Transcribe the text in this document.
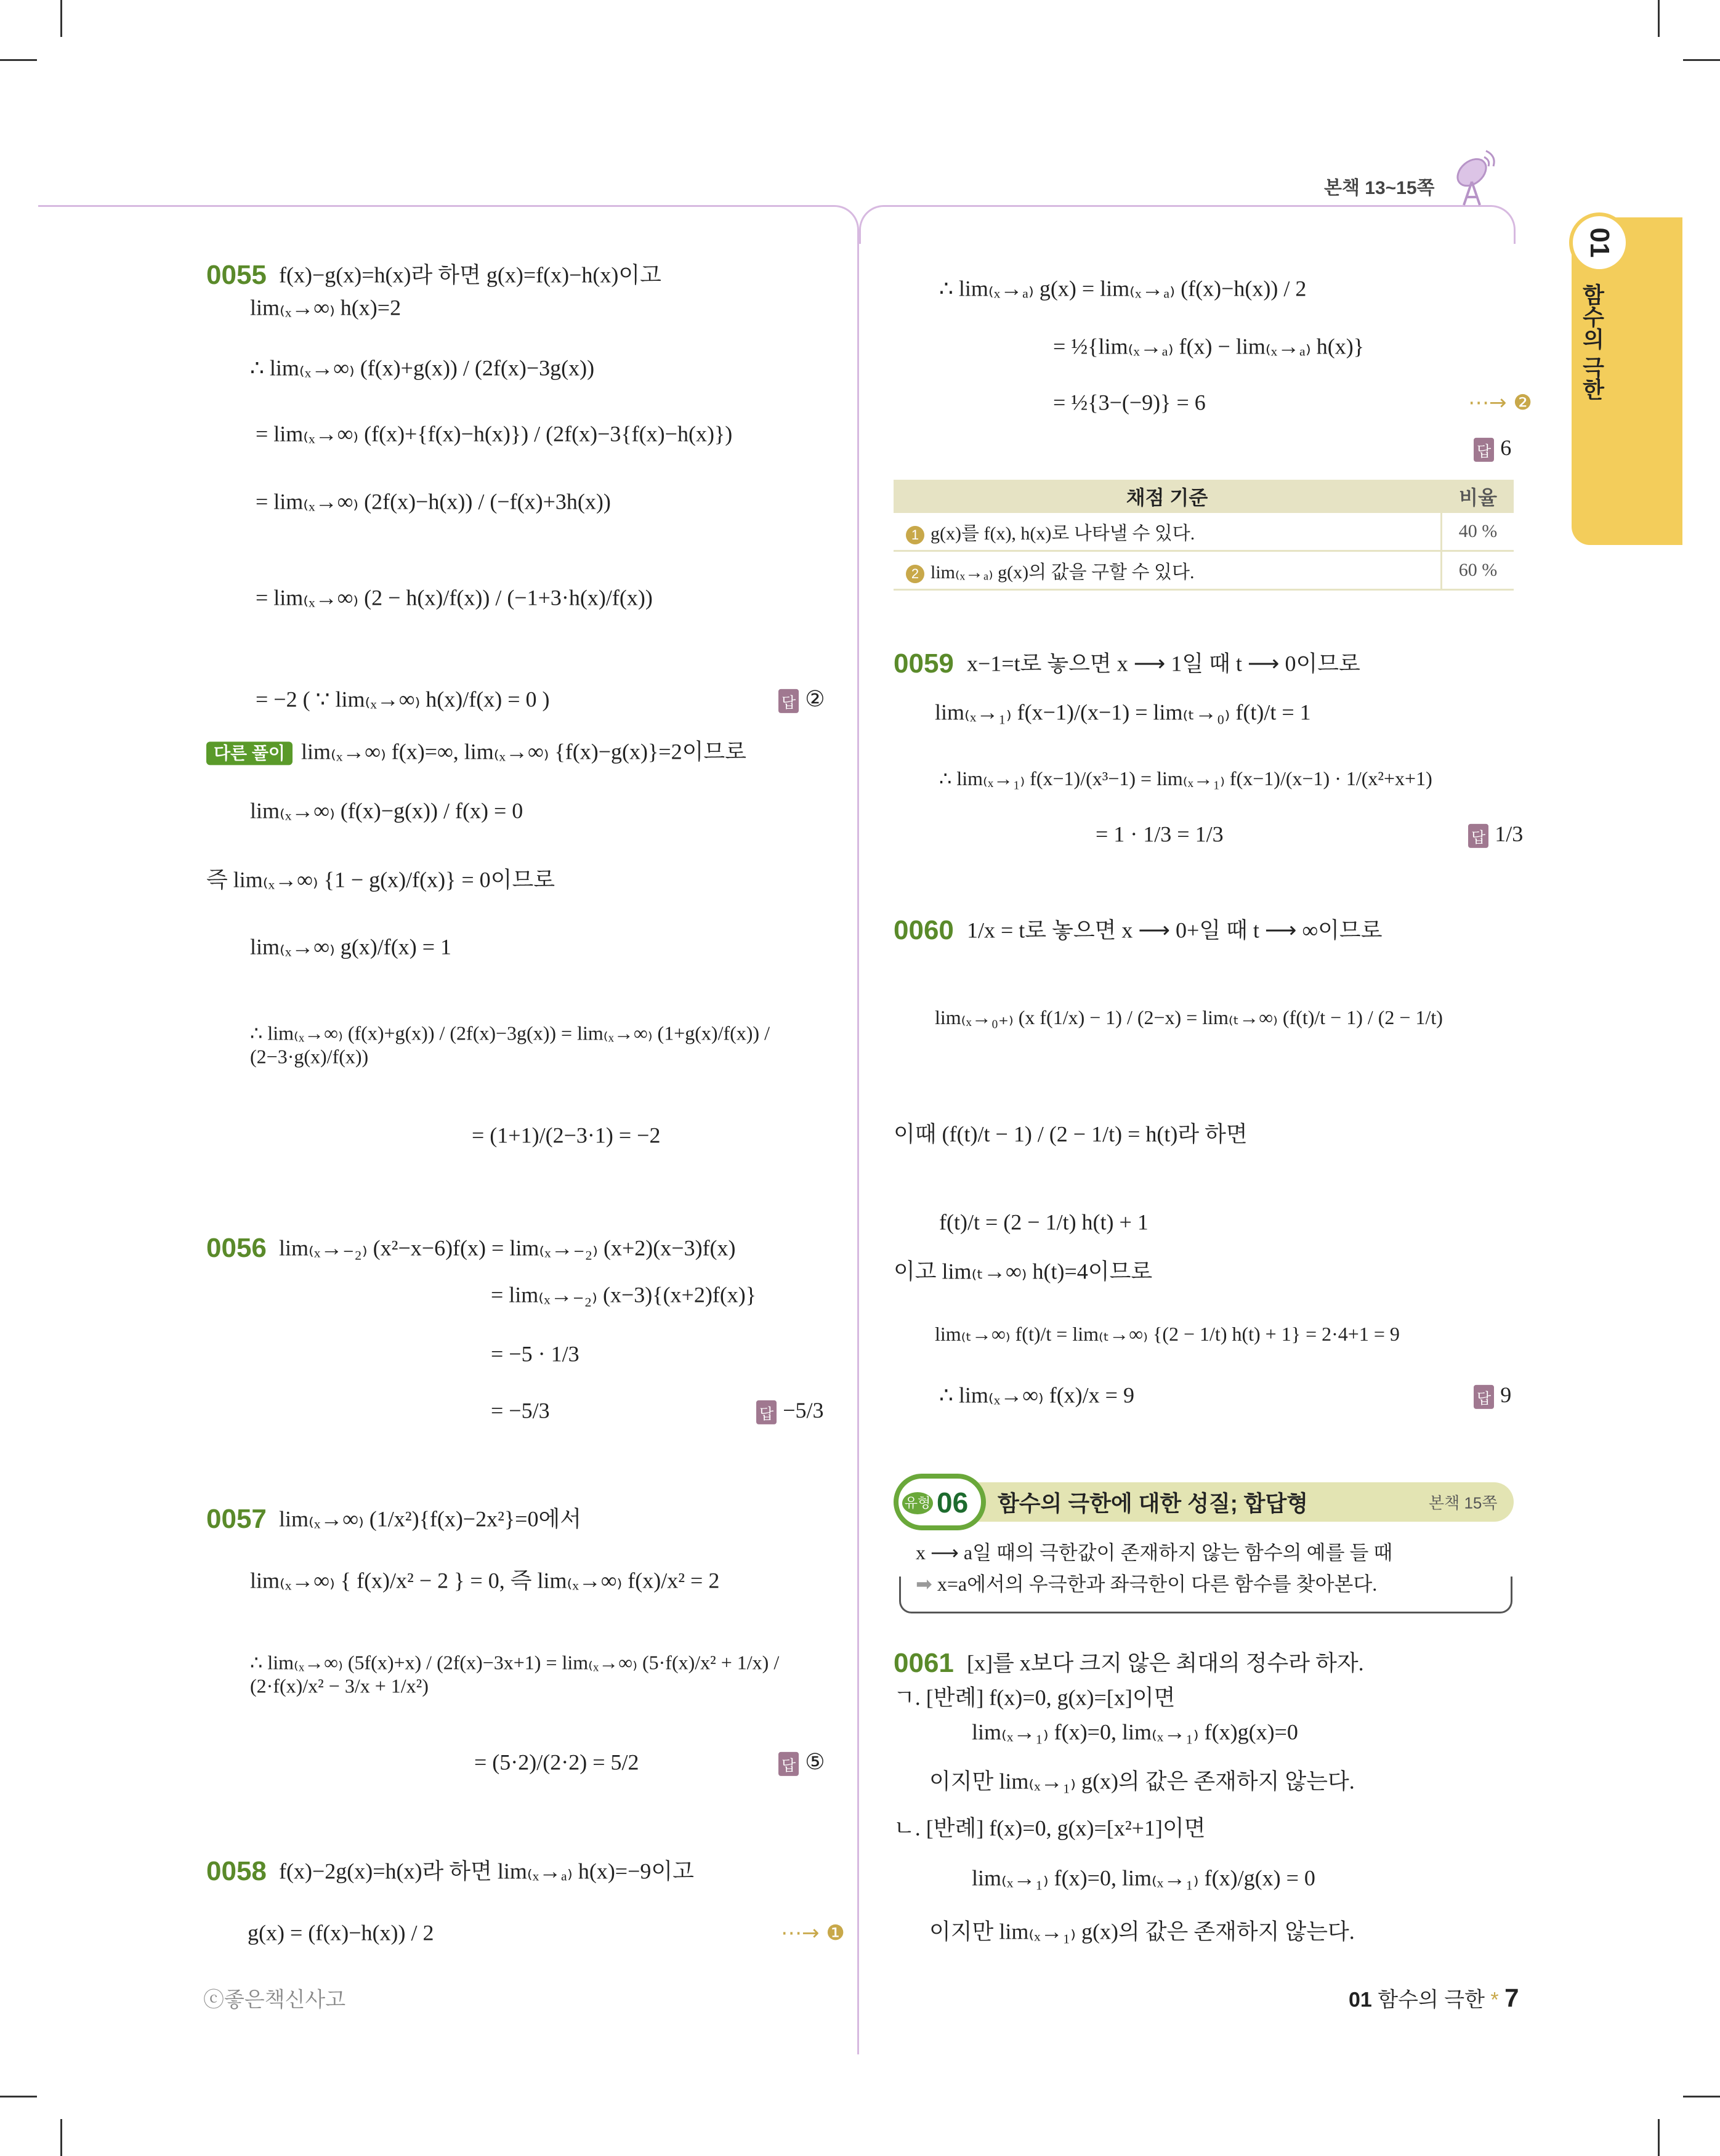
본책 13~15쪽
01
함수의 극한
0055 f(x)−g(x)=h(x)라 하면 g(x)=f(x)−h(x)이고
lim₍ₓ→∞₎ h(x)=2
∴ lim₍ₓ→∞₎ (f(x)+g(x)) / (2f(x)−3g(x))
= lim₍ₓ→∞₎ (f(x)+{f(x)−h(x)}) / (2f(x)−3{f(x)−h(x)})
= lim₍ₓ→∞₎ (2f(x)−h(x)) / (−f(x)+3h(x))
= lim₍ₓ→∞₎ (2 − h(x)/f(x)) / (−1+3·h(x)/f(x))
= −2 ( ∵ lim₍ₓ→∞₎ h(x)/f(x) = 0 )	답 ②
다른 풀이 lim₍ₓ→∞₎ f(x)=∞, lim₍ₓ→∞₎ {f(x)−g(x)}=2이므로
lim₍ₓ→∞₎ (f(x)−g(x)) / f(x) = 0
즉 lim₍ₓ→∞₎ {1 − g(x)/f(x)} = 0이므로
lim₍ₓ→∞₎ g(x)/f(x) = 1
∴ lim₍ₓ→∞₎ (f(x)+g(x)) / (2f(x)−3g(x)) = lim₍ₓ→∞₎ (1+g(x)/f(x)) / (2−3·g(x)/f(x))
= (1+1)/(2−3·1) = −2
0056 lim₍ₓ→₋₂₎ (x²−x−6)f(x) = lim₍ₓ→₋₂₎ (x+2)(x−3)f(x)
= lim₍ₓ→₋₂₎ (x−3){(x+2)f(x)}
= −5 · 1/3
= −5/3	답 −5/3
0057 lim₍ₓ→∞₎ (1/x²){f(x)−2x²}=0에서
lim₍ₓ→∞₎ { f(x)/x² − 2 } = 0, 즉 lim₍ₓ→∞₎ f(x)/x² = 2
∴ lim₍ₓ→∞₎ (5f(x)+x) / (2f(x)−3x+1) = lim₍ₓ→∞₎ (5·f(x)/x² + 1/x) / (2·f(x)/x² − 3/x + 1/x²)
= (5·2)/(2·2) = 5/2	답 ⑤
0058 f(x)−2g(x)=h(x)라 하면 lim₍ₓ→ₐ₎ h(x)=−9이고
g(x) = (f(x)−h(x)) / 2	⋯→ ❶
∴ lim₍ₓ→ₐ₎ g(x) = lim₍ₓ→ₐ₎ (f(x)−h(x)) / 2
= ½{lim₍ₓ→ₐ₎ f(x) − lim₍ₓ→ₐ₎ h(x)}
= ½{3−(−9)} = 6	⋯→ ❷
답 6
채점 기준	비율
1 g(x)를 f(x), h(x)로 나타낼 수 있다.	40 %
2 lim₍ₓ→ₐ₎ g(x)의 값을 구할 수 있다.	60 %
0059 x−1=t로 놓으면 x ⟶ 1일 때 t ⟶ 0이므로
lim₍ₓ→₁₎ f(x−1)/(x−1) = lim₍ₜ→₀₎ f(t)/t = 1
∴ lim₍ₓ→₁₎ f(x−1)/(x³−1) = lim₍ₓ→₁₎ f(x−1)/(x−1) · 1/(x²+x+1)
= 1 · 1/3 = 1/3	답 1/3
0060 1/x = t로 놓으면 x ⟶ 0+일 때 t ⟶ ∞이므로
lim₍ₓ→₀₊₎ (x f(1/x) − 1) / (2−x) = lim₍ₜ→∞₎ (f(t)/t − 1) / (2 − 1/t)
이때 (f(t)/t − 1) / (2 − 1/t) = h(t)라 하면
f(t)/t = (2 − 1/t) h(t) + 1
이고 lim₍ₜ→∞₎ h(t)=4이므로
lim₍ₜ→∞₎ f(t)/t = lim₍ₜ→∞₎ {(2 − 1/t) h(t) + 1} = 2·4+1 = 9
∴ lim₍ₓ→∞₎ f(x)/x = 9	답 9
유형 06 함수의 극한에 대한 성질; 합답형	본책 15쪽
x ⟶ a일 때의 극한값이 존재하지 않는 함수의 예를 들 때
➡ x=a에서의 우극한과 좌극한이 다른 함수를 찾아본다.
0061 [x]를 x보다 크지 않은 최대의 정수라 하자.
ㄱ. [반례] f(x)=0, g(x)=[x]이면
lim₍ₓ→₁₎ f(x)=0, lim₍ₓ→₁₎ f(x)g(x)=0
이지만 lim₍ₓ→₁₎ g(x)의 값은 존재하지 않는다.
ㄴ. [반례] f(x)=0, g(x)=[x²+1]이면
lim₍ₓ→₁₎ f(x)=0, lim₍ₓ→₁₎ f(x)/g(x) = 0
이지만 lim₍ₓ→₁₎ g(x)의 값은 존재하지 않는다.
ⓒ좋은책신사고	01 함수의 극한 * 7
